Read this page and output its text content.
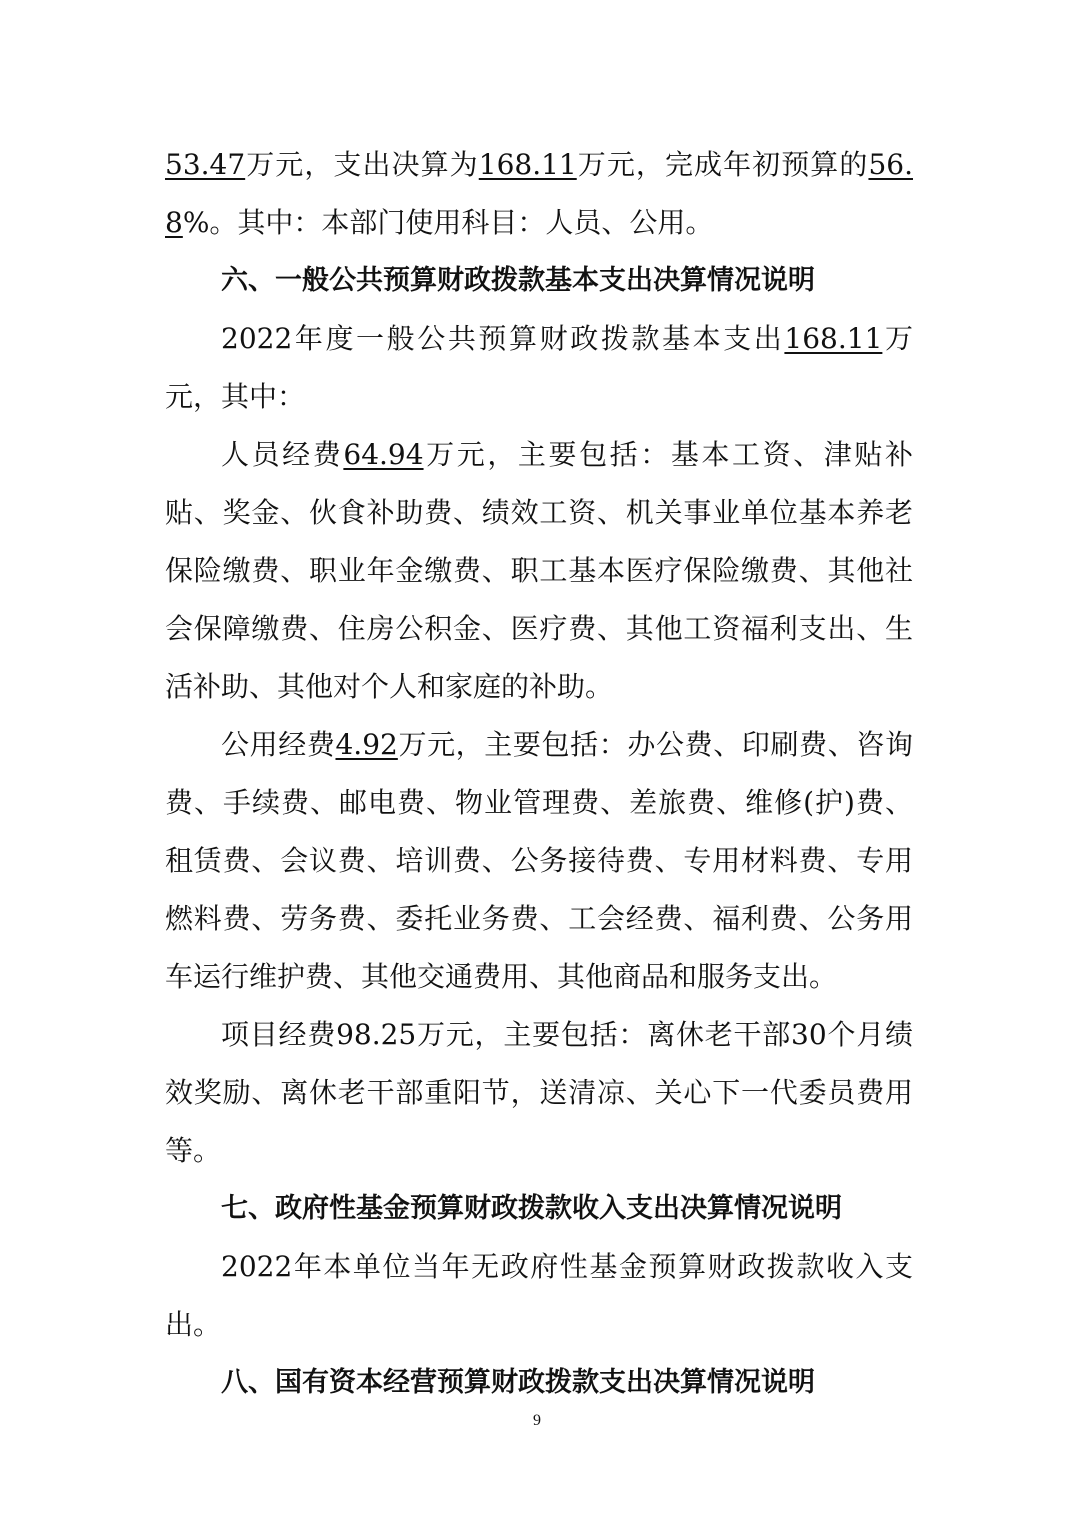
53.47万元，支出决算为168.11万元，完成年初预算的56.8%。其中：本部门使用科目：人员、公用。

六、一般公共预算财政拨款基本支出决算情况说明

2022年度一般公共预算财政拨款基本支出168.11万元，其中：

人员经费64.94万元，主要包括：基本工资、津贴补贴、奖金、伙食补助费、绩效工资、机关事业单位基本养老保险缴费、职业年金缴费、职工基本医疗保险缴费、其他社会保障缴费、住房公积金、医疗费、其他工资福利支出、生活补助、其他对个人和家庭的补助。

公用经费4.92万元，主要包括：办公费、印刷费、咨询费、手续费、邮电费、物业管理费、差旅费、维修(护)费、租赁费、会议费、培训费、公务接待费、专用材料费、专用燃料费、劳务费、委托业务费、工会经费、福利费、公务用车运行维护费、其他交通费用、其他商品和服务支出。

项目经费98.25万元，主要包括：离休老干部30个月绩效奖励、离休老干部重阳节，送清凉、关心下一代委员费用等。

七、政府性基金预算财政拨款收入支出决算情况说明

2022年本单位当年无政府性基金预算财政拨款收入支出。

八、国有资本经营预算财政拨款支出决算情况说明

9
